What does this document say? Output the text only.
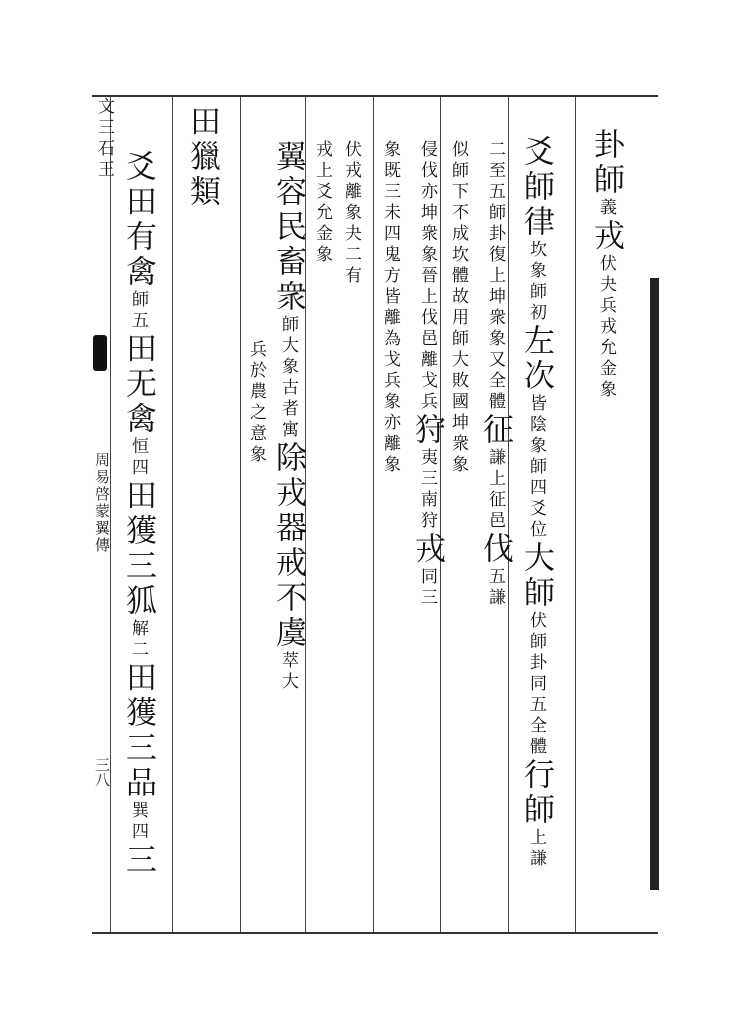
文三石王
周易啓蒙翼傳
三八
卦師義戎伏夬兵戎允金象
爻師律坎象師初左次皆陰象師四爻位大師伏師卦同五全體行師上謙
二至五師卦復上坤衆象又全體征謙上征邑伐五謙
似師下不成坎體故用師大敗國坤衆象
侵伐亦坤衆象晉上伐邑離戈兵狩夷三南狩戎同三
象既三未四鬼方皆離為戈兵象亦離象
伏戎離象夬二有
戎上爻允金象
翼容民畜衆師大象古者寓除戎器戒不虞萃大
兵於農之意象
田獵類
爻田有禽師五田无禽恒四田獲三狐解二田獲三品巽四三
